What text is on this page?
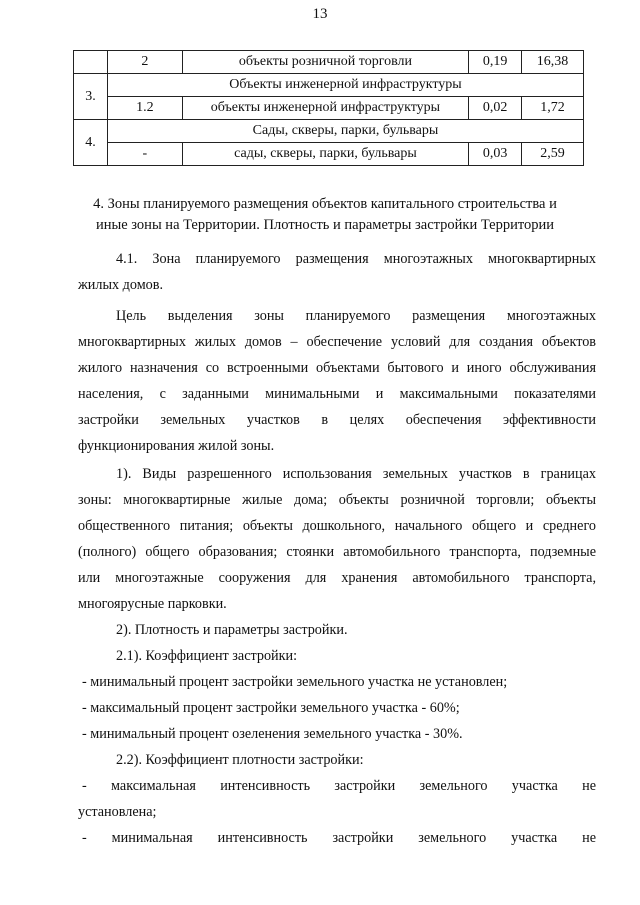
13
	2	объекты розничной торговли	0,19	16,38
3.	Объекты инженерной инфраструктуры			
	1.2	объекты инженерной инфраструктуры	0,02	1,72
4.	Сады, скверы, парки, бульвары			
	-	сады, скверы, парки, бульвары	0,03	2,59
4. Зоны планируемого размещения объектов капитального строительства и
иные зоны на Территории. Плотность и параметры застройки Территории
4.1. Зона планируемого размещения многоэтажных многоквартирных
жилых домов.
Цель выделения зоны планируемого размещения многоэтажных
многоквартирных жилых домов – обеспечение условий для создания объектов
жилого назначения со встроенными объектами бытового и иного обслуживания
населения, с заданными минимальными и максимальными показателями
застройки земельных участков в целях обеспечения эффективности
функционирования жилой зоны.
1). Виды разрешенного использования земельных участков в границах
зоны: многоквартирные жилые дома; объекты розничной торговли; объекты
общественного питания; объекты дошкольного, начального общего и среднего
(полного) общего образования; стоянки автомобильного транспорта, подземные
или многоэтажные сооружения для хранения автомобильного транспорта,
многоярусные парковки.
2). Плотность и параметры застройки.
2.1). Коэффициент застройки:
- минимальный процент застройки земельного участка не установлен;
- максимальный процент застройки земельного участка - 60%;
- минимальный процент озеленения земельного участка - 30%.
2.2). Коэффициент плотности застройки:
- максимальная интенсивность застройки земельного участка не
установлена;
- минимальная интенсивность застройки земельного участка не
